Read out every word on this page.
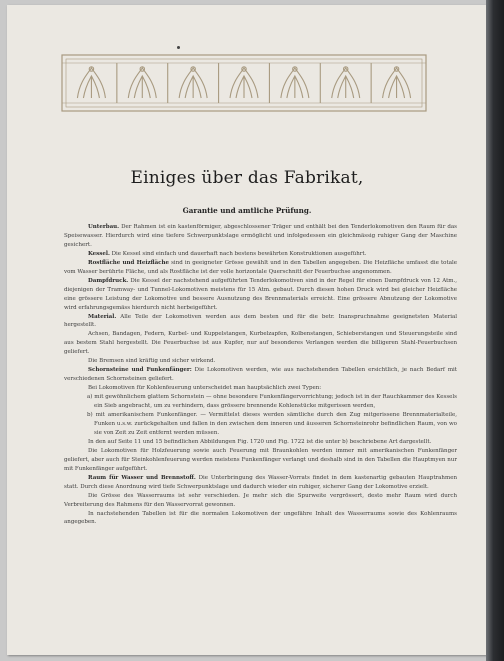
Einiges über das Fabrikat,
Garantie und amtliche Prüfung.

Unterbau. Der Rahmen ist ein kastenförmiger, abgeschlossener Träger und enthält bei den Tenderlokomotiven den Raum für das Speisewasser. Hierdurch wird eine tiefere Schwerpunktslage ermöglicht und infolgedessen ein gleichmässig ruhiger Gang der Maschine gesichert.

Kessel. Die Kessel sind einfach und dauerhaft nach bestens bewährten Konstruktionen ausgeführt.

Rostfläche und Heizfläche sind in geeigneter Grösse gewählt und in den Tabellen angegeben. Die Heizfläche umfasst die totale vom Wasser berührte Fläche, und als Rostfläche ist der volle horizontale Querschnitt der Feuerbuchse angenommen.

Dampfdruck. Die Kessel der nachstehend aufgeführten Tenderlokomotiven sind in der Regel für einen Dampfdruck von 12 Atm., diejenigen der Tramway- und Tunnel-Lokomotiven meistens für 15 Atm. gebaut. Durch diesen hohen Druck wird bei gleicher Heizfläche eine grössere Leistung der Lokomotive und bessere Ausnutzung des Brennmaterials erreicht. Eine grössere Abnutzung der Lokomotive wird erfahrungsgemäss hierdurch nicht herbeigeführt.

Material. Alle Teile der Lokomotiven werden aus dem besten und für die betr. Inanspruchnahme geeignetsten Material hergestellt.

Achsen, Bandagen, Federn, Kurbel- und Kuppelstangen, Kurbelzapfen, Kolbenstangen, Schieberstangen und Steuerungsteile sind aus bestem Stahl hergestellt. Die Feuerbuchse ist aus Kupfer, nur auf besonderes Verlangen werden die billigeren Stahl-Feuerbuchsen geliefert.

Die Bremsen sind kräftig und sicher wirkend.

Schornsteine und Funkenfänger: Die Lokomotiven werden, wie aus nachstehenden Tabellen ersichtlich, je nach Bedarf mit verschiedenen Schornsteinen geliefert.

Bei Lokomotiven für Kohlenfeuerung unterscheidet man hauptsächlich zwei Typen:

a) mit gewöhnlichem glattem Schornstein — ohne besondere Funkenfängervorrichtung; jedoch ist in der Rauchkammer des Kessels ein Sieb angebracht, um zu verhindern, dass grössere brennende Kohlenstücke mitgerissen werden,

b) mit amerikanischem Funkenfänger. — Vermittelst dieses werden sämtliche durch den Zug mitgerissene Brennmaterialteile, Funken u.s.w. zurückgehalten und fallen in den zwischen dem inneren und äusseren Schornsteinrohr befindlichen Raum, von wo sie von Zeit zu Zeit entfernt werden müssen.

In den auf Seite 11 und 15 befindlichen Abbildungen Fig. 1720 und Fig. 1722 ist die unter b) beschriebene Art dargestellt.

Die Lokomotiven für Holzfeuerung sowie auch Feuerung mit Braunkohlen werden immer mit amerikanischen Funkenfänger geliefert, aber auch für Steinkohlenfeuerung werden meistens Funkenfänger verlangt und deshalb sind in den Tabellen die Hauptmyen nur mit Funkenfänger aufgeführt.

Raum für Wasser und Brennstoff. Die Unterbringung des Wasser-Vorrats findet in dem kastenartig gebauten Hauptrahmen statt. Durch diese Anordnung wird tiefe Schwerpunktslage und dadurch wieder ein ruhiger, sicherer Gang der Lokomotive erzielt.

Die Grösse des Wasserraums ist sehr verschieden. Je mehr sich die Spurweite vergrössert, desto mehr Raum wird durch Verbreiterung des Rahmens für den Wasservorrat gewonnen.

In nachstehenden Tabellen ist für die normalen Lokomotiven der ungefähre Inhalt des Wasserraums sowie des Kohlenraums angegeben.
